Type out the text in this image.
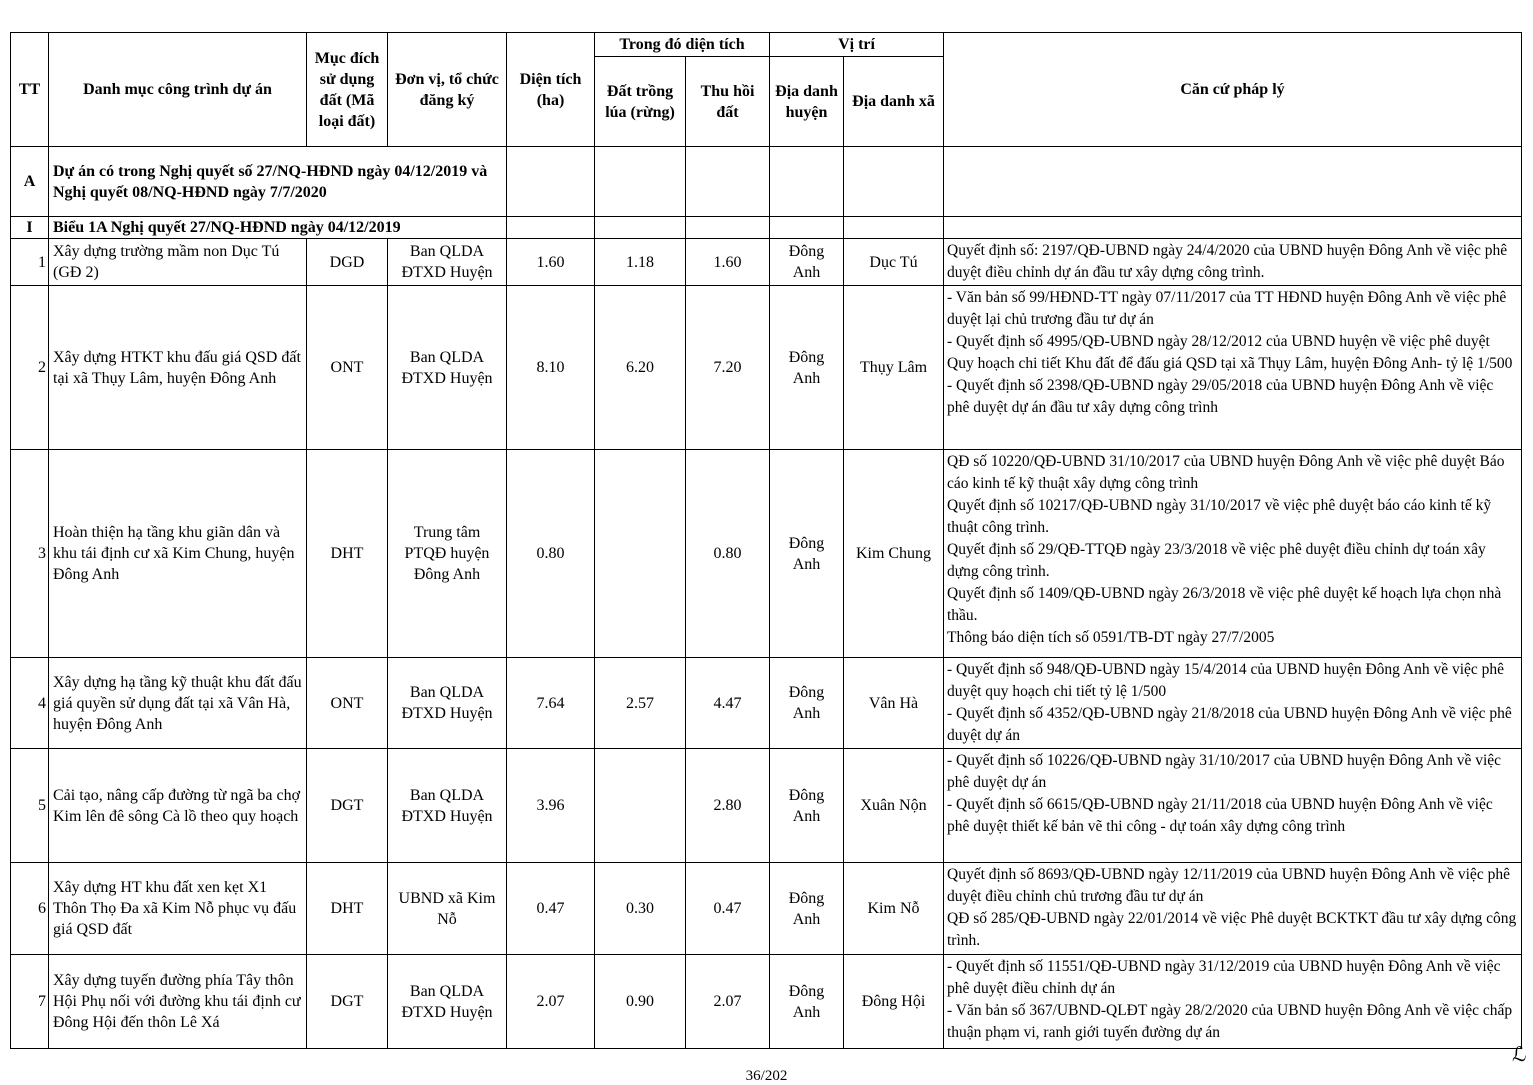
TT	Danh mục công trình dự án	Mục đích sử dụng đất (Mã loại đất)	Đơn vị, tổ chức đăng ký	Diện tích (ha)	Trong đó diện tích		Vị trí		Căn cứ pháp lý
					Đất trồng lúa (rừng)	Thu hồi đất	Địa danh huyện	Địa danh xã	
A	Dự án có trong Nghị quyết số 27/NQ-HĐND ngày 04/12/2019 và Nghị quyết 08/NQ-HĐND ngày 7/7/2020								
I	Biểu 1A Nghị quyết 27/NQ-HĐND ngày 04/12/2019								
1	Xây dựng trường mầm non Dục Tú (GĐ 2)	DGD	Ban QLDA ĐTXD Huyện	1.60	1.18	1.60	Đông Anh	Dục Tú	Quyết định số: 2197/QĐ-UBND ngày 24/4/2020 của UBND huyện Đông Anh về việc phê duyệt điều chỉnh dự án đầu tư xây dựng công trình.

2	Xây dựng HTKT khu đấu giá QSD đất tại xã Thụy Lâm, huyện Đông Anh	ONT	Ban QLDA ĐTXD Huyện	8.10	6.20	7.20	Đông Anh	Thụy Lâm	- Văn bản số 99/HĐND-TT ngày 07/11/2017 của TT HĐND huyện Đông Anh về việc phê duyệt lại chủ trương đầu tư dự án
- Quyết định số 4995/QĐ-UBND ngày 28/12/2012 của UBND huyện về việc phê duyệt Quy hoạch chi tiết Khu đất để đấu giá QSD tại xã Thụy Lâm, huyện Đông Anh- tỷ lệ 1/500
- Quyết định số 2398/QĐ-UBND ngày 29/05/2018 của UBND huyện Đông Anh về việc phê duyệt dự án đầu tư xây dựng công trình

3	Hoàn thiện hạ tầng khu giãn dân và khu tái định cư xã Kim Chung, huyện Đông Anh	DHT	Trung tâm PTQĐ huyện Đông Anh	0.80		0.80	Đông Anh	Kim Chung	QĐ số 10220/QĐ-UBND 31/10/2017 của UBND huyện Đông Anh về việc phê duyệt Báo cáo kinh tế kỹ thuật xây dựng công trình
Quyết định số 10217/QĐ-UBND ngày 31/10/2017 về việc phê duyệt báo cáo kinh tế kỹ thuật công trình.
Quyết định số 29/QĐ-TTQĐ ngày 23/3/2018 về việc phê duyệt điều chỉnh dự toán xây dựng công trình.
Quyết định số 1409/QĐ-UBND ngày 26/3/2018 về việc phê duyệt kế hoạch lựa chọn nhà thầu.
Thông báo diện tích số 0591/TB-DT ngày 27/7/2005

4	Xây dựng hạ tầng kỹ thuật khu đất đấu giá quyền sử dụng đất tại xã Vân Hà, huyện Đông Anh	ONT	Ban QLDA ĐTXD Huyện	7.64	2.57	4.47	Đông Anh	Vân Hà	- Quyết định số 948/QĐ-UBND ngày 15/4/2014 của UBND huyện Đông Anh về việc phê duyệt quy hoạch chi tiết tỷ lệ 1/500
- Quyết định số 4352/QĐ-UBND ngày 21/8/2018 của UBND huyện Đông Anh về việc phê duyệt dự án

5	Cải tạo, nâng cấp đường từ ngã ba chợ Kim lên đê sông Cà lồ theo quy hoạch	DGT	Ban QLDA ĐTXD Huyện	3.96		2.80	Đông Anh	Xuân Nộn	- Quyết định số 10226/QĐ-UBND ngày 31/10/2017 của UBND huyện Đông Anh về việc phê duyệt dự án
- Quyết định số 6615/QĐ-UBND ngày 21/11/2018 của UBND huyện Đông Anh về việc phê duyệt thiết kế bản vẽ thi công - dự toán xây dựng công trình

6	Xây dựng HT khu đất xen kẹt X1 Thôn Thọ Đa xã Kim Nỗ phục vụ đấu giá QSD đất	DHT	UBND xã Kim Nỗ	0.47	0.30	0.47	Đông Anh	Kim Nỗ	Quyết định số 8693/QĐ-UBND ngày 12/11/2019 của UBND huyện Đông Anh về việc phê duyệt điều chỉnh chủ trương đầu tư dự án
QĐ số 285/QĐ-UBND ngày 22/01/2014 về việc Phê duyệt BCKTKT đầu tư xây dựng công trình.

7	Xây dựng tuyến đường phía Tây thôn Hội Phụ nối với đường khu tái định cư Đông Hội đến thôn Lê Xá	DGT	Ban QLDA ĐTXD Huyện	2.07	0.90	2.07	Đông Anh	Đông Hội	- Quyết định số 11551/QĐ-UBND ngày 31/12/2019 của UBND huyện Đông Anh về việc phê duyệt điều chỉnh dự án
- Văn bản số 367/UBND-QLĐT ngày 28/2/2020 của UBND huyện Đông Anh về việc chấp thuận phạm vi, ranh giới tuyến đường dự án
36/202
ℒ
